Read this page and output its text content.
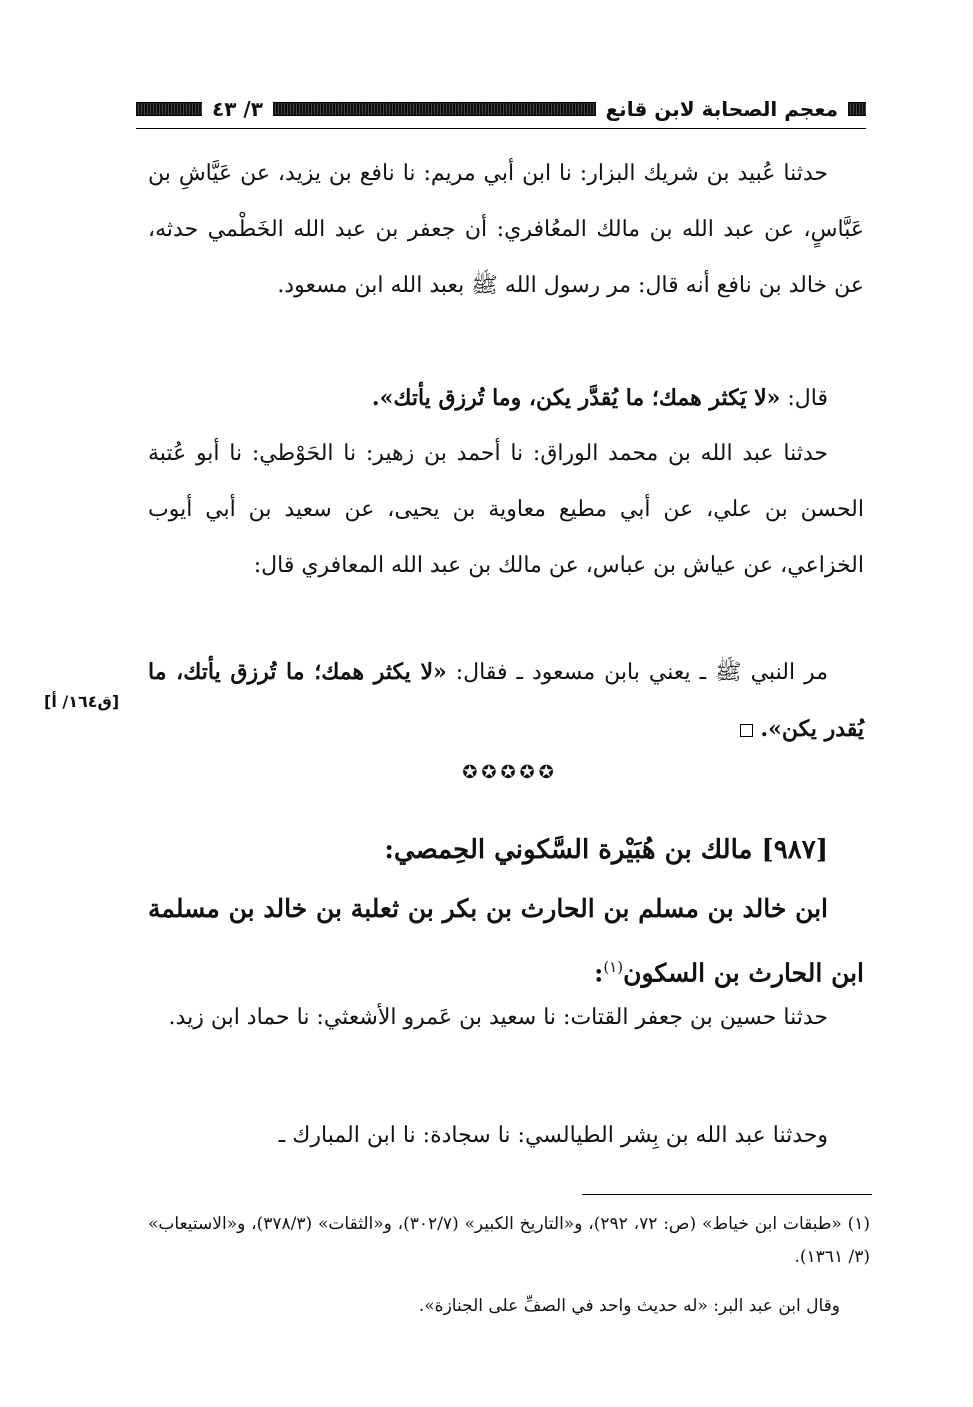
معجم الصحابة لابن قانع
٣/ ٤٣
حدثنا عُبيد بن شريك البزار: نا ابن أبي مريم: نا نافع بن يزيد، عن عَيَّاشِ بن عَبَّاسٍ، عن عبد الله بن مالك المعُافري: أن جعفر بن عبد الله الخَطْمي حدثه، عن خالد بن نافع أنه قال: مر رسول الله ﷺ بعبد الله ابن مسعود.
قال: «لا يَكثر همك؛ ما يُقدَّر يكن، وما تُرزق يأتك».
حدثنا عبد الله بن محمد الوراق: نا أحمد بن زهير: نا الحَوْطي: نا أبو عُتبة الحسن بن علي، عن أبي مطيع معاوية بن يحيى، عن سعيد بن أبي أيوب الخزاعي، عن عياش بن عباس، عن مالك بن عبد الله المعافري قال:
مر النبي ﷺ ـ يعني بابن مسعود ـ فقال: «لا يكثر همك؛ ما تُرزق يأتك، ما يُقدر يكن».
[ق١٦٤/ أ]
✪✪✪✪✪
[٩٨٧] مالك بن هُبَيْرة السَّكوني الحِمصي:
ابن خالد بن مسلم بن الحارث بن بكر بن ثعلبة بن خالد بن مسلمة ابن الحارث بن السكون$^{(١)}$:
حدثنا حسين بن جعفر القتات: نا سعيد بن عَمرو الأشعثي: نا حماد ابن زيد.
وحدثنا عبد الله بن بِشر الطيالسي: نا سجادة: نا ابن المبارك ـ
(١) «طبقات ابن خياط» (ص: ٧٢، ٢٩٢)، و«التاريخ الكبير» (٣٠٢/٧)، و«الثقات» (٣٧٨/٣)، و«الاستيعاب» (٣/ ١٣٦١).
وقال ابن عبد البر: «له حديث واحد في الصفِّ على الجنازة».
